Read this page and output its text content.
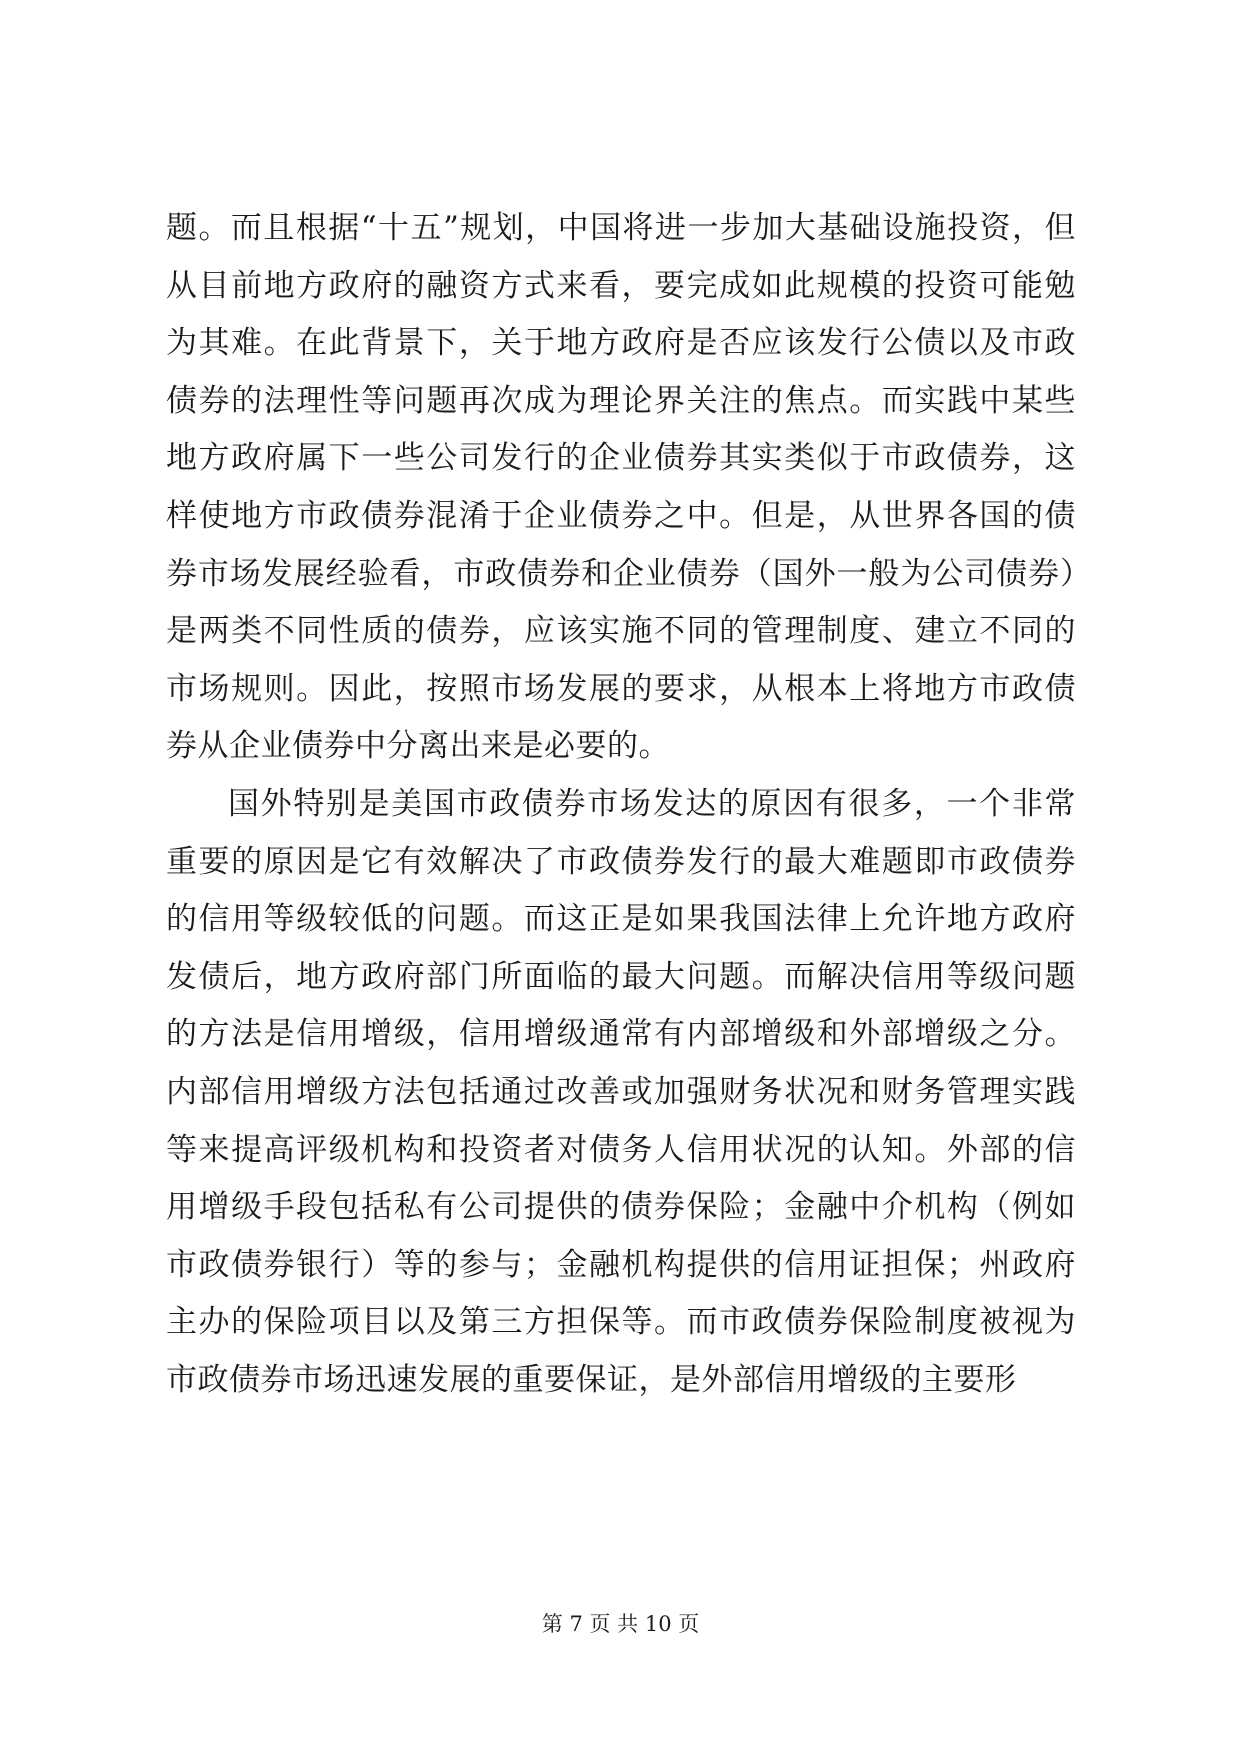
题。而且根据“十五”规划，中国将进一步加大基础设施投资，但从目前地方政府的融资方式来看，要完成如此规模的投资可能勉为其难。在此背景下，关于地方政府是否应该发行公债以及市政债券的法理性等问题再次成为理论界关注的焦点。而实践中某些地方政府属下一些公司发行的企业债券其实类似于市政债券，这样使地方市政债券混淆于企业债券之中。但是，从世界各国的债券市场发展经验看，市政债券和企业债券（国外一般为公司债券）是两类不同性质的债券，应该实施不同的管理制度、建立不同的市场规则。因此，按照市场发展的要求，从根本上将地方市政债券从企业债券中分离出来是必要的。

国外特别是美国市政债券市场发达的原因有很多，一个非常重要的原因是它有效解决了市政债券发行的最大难题即市政债券的信用等级较低的问题。而这正是如果我国法律上允许地方政府发债后，地方政府部门所面临的最大问题。而解决信用等级问题的方法是信用增级，信用增级通常有内部增级和外部增级之分。内部信用增级方法包括通过改善或加强财务状况和财务管理实践等来提高评级机构和投资者对债务人信用状况的认知。外部的信用增级手段包括私有公司提供的债券保险；金融中介机构（例如市政债券银行）等的参与；金融机构提供的信用证担保；州政府主办的保险项目以及第三方担保等。而市政债券保险制度被视为市政债券市场迅速发展的重要保证，是外部信用增级的主要形

第 7 页 共 10 页
